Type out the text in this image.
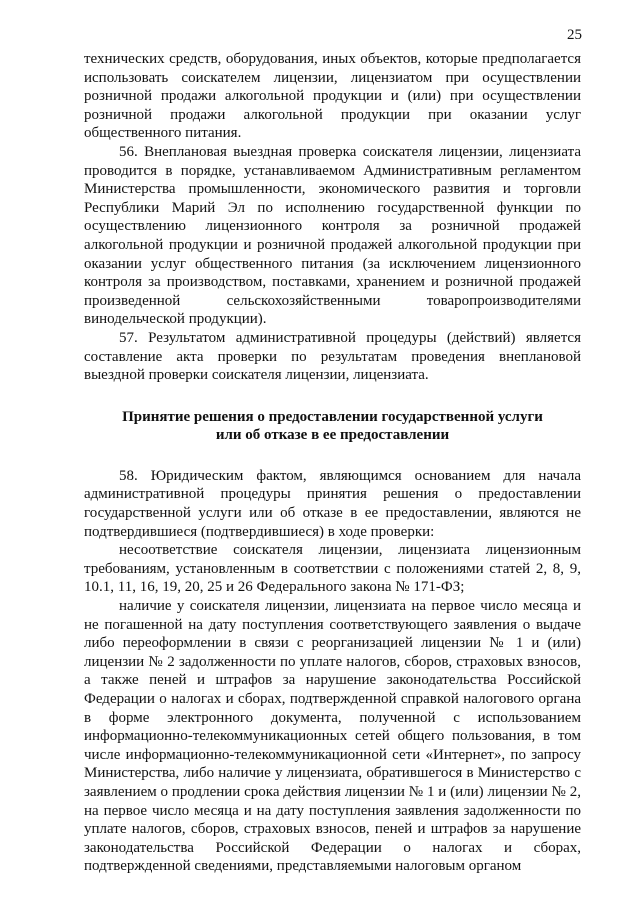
25

технических средств, оборудования, иных объектов, которые предполагается использовать соискателем лицензии, лицензиатом при осуществлении розничной продажи алкогольной продукции и (или) при осуществлении розничной продажи алкогольной продукции при оказании услуг общественного питания.

56. Внеплановая выездная проверка соискателя лицензии, лицензиата проводится в порядке, устанавливаемом Административным регламентом Министерства промышленности, экономического развития и торговли Республики Марий Эл по исполнению государственной функции по осуществлению лицензионного контроля за розничной продажей алкогольной продукции и розничной продажей алкогольной продукции при оказании услуг общественного питания (за исключением лицензионного контроля за производством, поставками, хранением и розничной продажей произведенной сельскохозяйственными товаропроизводителями винодельческой продукции).

57. Результатом административной процедуры (действий) является составление акта проверки по результатам проведения внеплановой выездной проверки соискателя лицензии, лицензиата.

Принятие решения о предоставлении государственной услуги
или об отказе в ее предоставлении

58. Юридическим фактом, являющимся основанием для начала административной процедуры принятия решения о предоставлении государственной услуги или об отказе в ее предоставлении, являются не подтвердившиеся (подтвердившиеся) в ходе проверки:

несоответствие соискателя лицензии, лицензиата лицензионным требованиям, установленным в соответствии с положениями статей 2, 8, 9, 10.1, 11, 16, 19, 20, 25 и 26 Федерального закона № 171-ФЗ;

наличие у соискателя лицензии, лицензиата на первое число месяца и не погашенной на дату поступления соответствующего заявления о выдаче либо переоформлении в связи с реорганизацией лицензии № 1 и (или) лицензии № 2 задолженности по уплате налогов, сборов, страховых взносов, а также пеней и штрафов за нарушение законодательства Российской Федерации о налогах и сборах, подтвержденной справкой налогового органа в форме электронного документа, полученной с использованием информационно-телекоммуникационных сетей общего пользования, в том числе информационно-телекоммуникационной сети «Интернет», по запросу Министерства, либо наличие у лицензиата, обратившегося в Министерство с заявлением о продлении срока действия лицензии № 1 и (или) лицензии № 2, на первое число месяца и на дату поступления заявления задолженности по уплате налогов, сборов, страховых взносов, пеней и штрафов за нарушение законодательства Российской Федерации о налогах и сборах, подтвержденной сведениями, представляемыми налоговым органом
